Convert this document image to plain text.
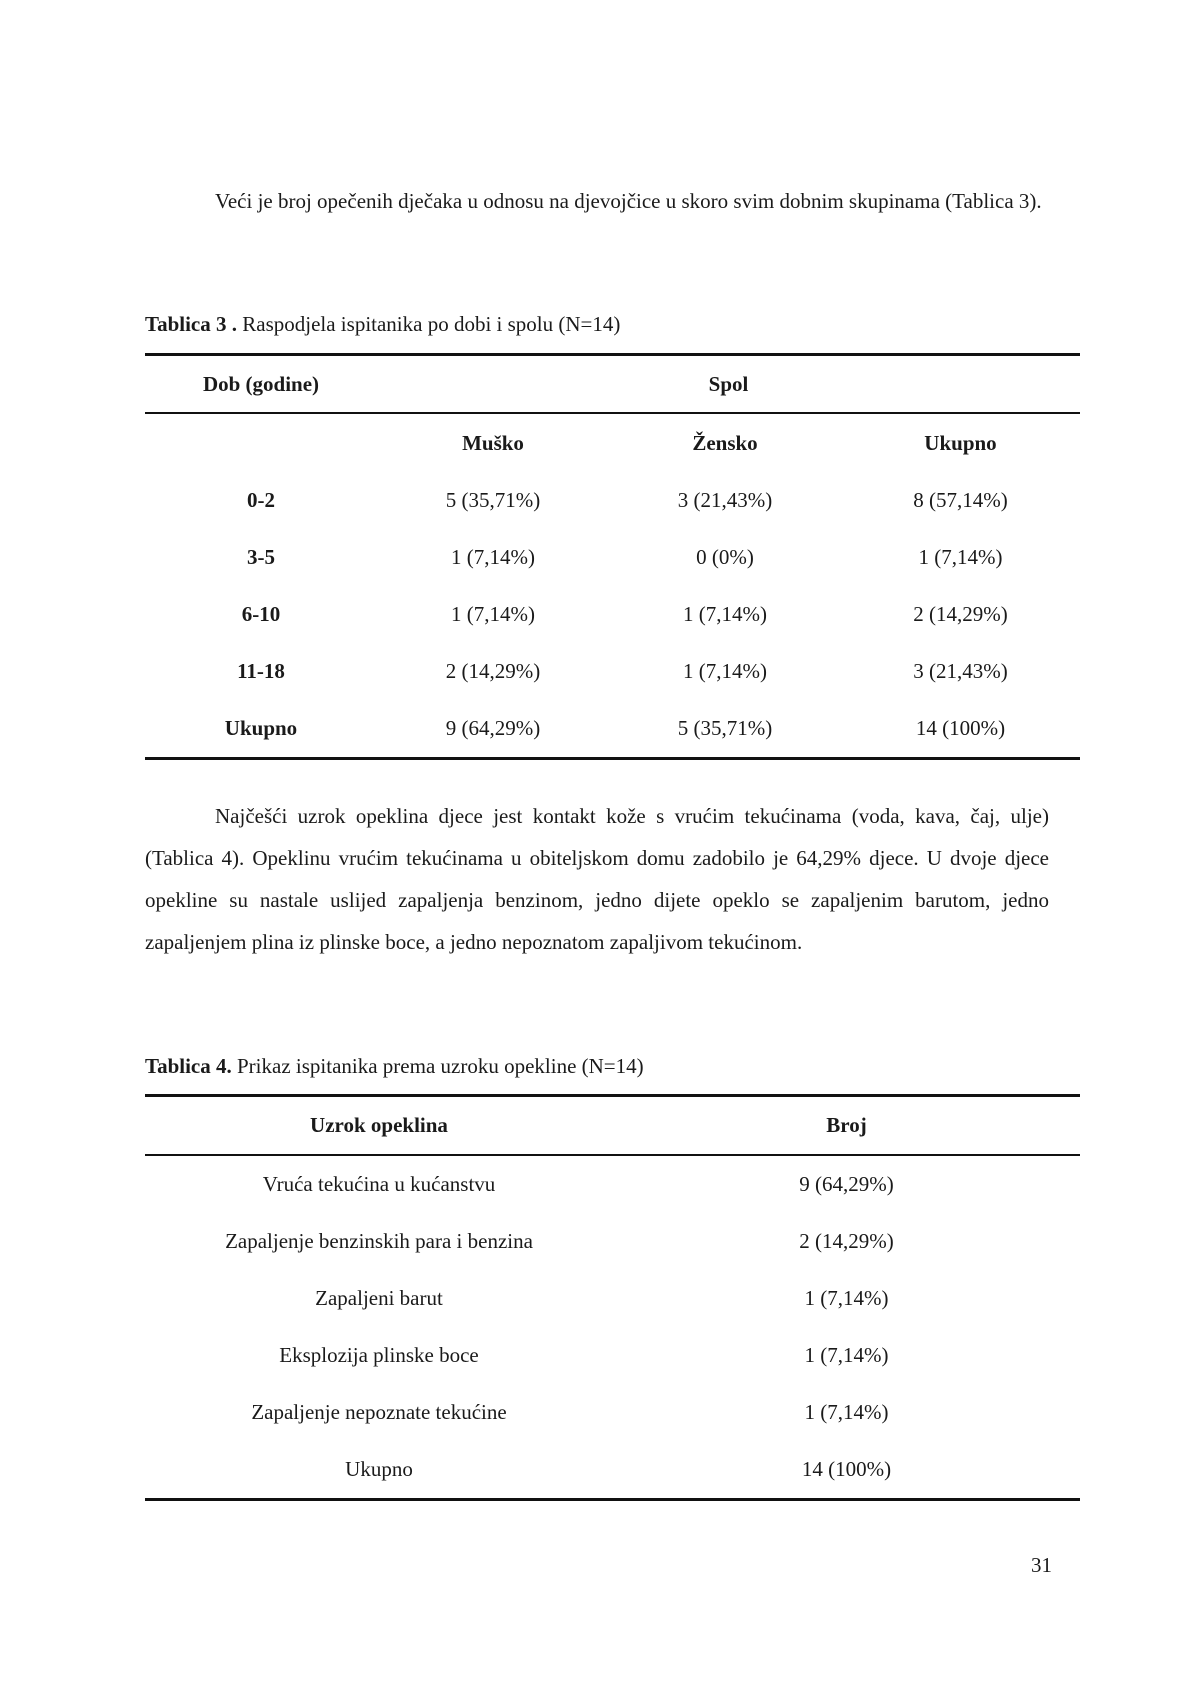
Veći je broj opečenih dječaka u odnosu na djevojčice u skoro svim dobnim skupinama (Tablica 3).

Tablica 3 . Raspodjela ispitanika po dobi i spolu (N=14)

Dob (godine)	Spol		
	Muško	Žensko	Ukupno
0-2	5 (35,71%)	3 (21,43%)	8 (57,14%)
3-5	1 (7,14%)	0 (0%)	1 (7,14%)
6-10	1 (7,14%)	1 (7,14%)	2 (14,29%)
11-18	2 (14,29%)	1 (7,14%)	3 (21,43%)
Ukupno	9 (64,29%)	5 (35,71%)	14 (100%)

Najčešći uzrok opeklina djece jest kontakt kože s vrućim tekućinama (voda, kava, čaj, ulje) (Tablica 4). Opeklinu vrućim tekućinama u obiteljskom domu zadobilo je 64,29% djece. U dvoje djece opekline su nastale uslijed zapaljenja benzinom, jedno dijete opeklo se zapaljenim barutom, jedno zapaljenjem plina iz plinske boce, a jedno nepoznatom zapaljivom tekućinom.

Tablica 4. Prikaz ispitanika prema uzroku opekline (N=14)

Uzrok opeklina	Broj
Vruća tekućina u kućanstvu	9 (64,29%)
Zapaljenje benzinskih para i benzina	2 (14,29%)
Zapaljeni barut	1 (7,14%)
Eksplozija plinske boce	1 (7,14%)
Zapaljenje nepoznate tekućine	1 (7,14%)
Ukupno	14 (100%)

31
